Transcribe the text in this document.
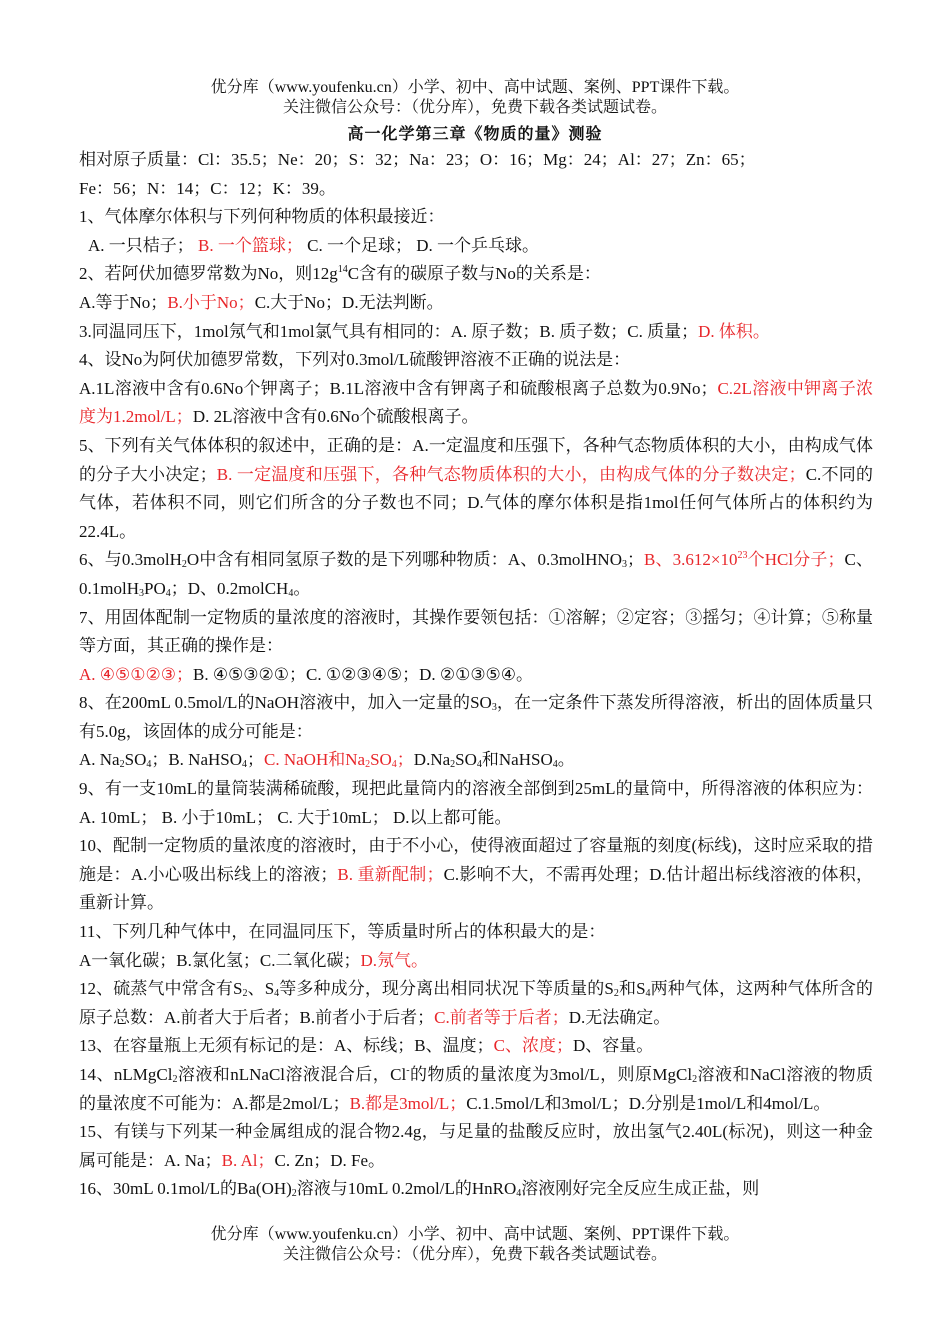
优分库（www.youfenku.cn）小学、初中、高中试题、案例、PPT课件下载。
关注微信公众号：（优分库），免费下载各类试题试卷。
高一化学第三章《物质的量》测验

相对原子质量：Cl：35.5；Ne：20；S：32；Na：23；O：16；Mg：24；Al：27；Zn：65；

Fe：56；N：14；C：12；K：39。

1、气体摩尔体积与下列何种物质的体积最接近：

A. 一只桔子； B. 一个篮球； C. 一个足球； D. 一个乒乓球。

2、若阿伏加德罗常数为No，则$12g^{14}C$含有的碳原子数与No的关系是：

A.等于No；B.小于No；C.大于No；D.无法判断。

3.同温同压下，1mol氖气和1mol氯气具有相同的：A. 原子数；B. 质子数；C. 质量；D. 体积。

4、设No为阿伏加德罗常数，下列对0.3mol/L硫酸钾溶液不正确的说法是：

A.1L溶液中含有0.6No个钾离子；B.1L溶液中含有钾离子和硫酸根离子总数为0.9No；C.2L溶液中钾离子浓度为1.2mol/L；D. 2L溶液中含有0.6No个硫酸根离子。

5、下列有关气体体积的叙述中，正确的是：A.一定温度和压强下，各种气态物质体积的大小，由构成气体的分子大小决定；B. 一定温度和压强下，各种气态物质体积的大小，由构成气体的分子数决定；C.不同的气体，若体积不同，则它们所含的分子数也不同；D.气体的摩尔体积是指1mol任何气体所占的体积约为22.4L。

6、与0.3molH$_2$O中含有相同氢原子数的是下列哪种物质：A、0.3molHNO$_3$；B、$3.612\times 10^{23}$个HCl分子；C、$0.1molH_3PO_4$；D、0.2molCH$_4$。

7、用固体配制一定物质的量浓度的溶液时，其操作要领包括：①溶解；②定容；③摇匀；④计算；⑤称量等方面，其正确的操作是：

A. ④⑤①②③；B. ④⑤③②①；C. ①②③④⑤；D. ②①③⑤④。

8、在200mL 0.5mol/L的NaOH溶液中，加入一定量的$SO_3$，在一定条件下蒸发所得溶液，析出的固体质量只有5.0g，该固体的成分可能是：

A. $Na_2SO_4$；B. NaHSO$_4$；C. NaOH和$Na_2SO_4$；$D.Na_2SO_4$和NaHSO$_4$。

9、有一支10mL的量筒装满稀硫酸，现把此量筒内的溶液全部倒到25mL的量筒中，所得溶液的体积应为： A. 10mL； B. 小于10mL； C. 大于10mL； D.以上都可能。

10、配制一定物质的量浓度的溶液时，由于不小心，使得液面超过了容量瓶的刻度(标线)，这时应采取的措施是：A.小心吸出标线上的溶液；B. 重新配制；C.影响不大，不需再处理；D.估计超出标线溶液的体积，重新计算。

11、下列几种气体中，在同温同压下，等质量时所占的体积最大的是：

A一氧化碳；B.氯化氢；C.二氧化碳；D.氖气。

12、硫蒸气中常含有$S_2$、$S_4$等多种成分，现分离出相同状况下等质量的$S_2$和$S_4$两种气体，这两种气体所含的原子总数：A.前者大于后者；B.前者小于后者；C.前者等于后者；D.无法确定。

13、在容量瓶上无须有标记的是：A、标线；B、温度；C、浓度；D、容量。

14、nLMgCl$_2$溶液和nLNaCl溶液混合后，Cl-的物质的量浓度为3mol/L，则原MgCl$_2$溶液和NaCl溶液的物质的量浓度不可能为：A.都是2mol/L；B.都是3mol/L；C.1.5mol/L和3mol/L；D.分别是1mol/L和4mol/L。

15、有镁与下列某一种金属组成的混合物2.4g，与足量的盐酸反应时，放出氢气2.40L(标况)，则这一种金属可能是：A. Na；B. Al；C. Zn；D. Fe。

16、30mL 0.1mol/L的$Ba(OH)_2$溶液与10mL 0.2mol/L的HnRO$_4$溶液刚好完全反应生成正盐，则

优分库（www.youfenku.cn）小学、初中、高中试题、案例、PPT课件下载。
关注微信公众号：（优分库），免费下载各类试题试卷。
